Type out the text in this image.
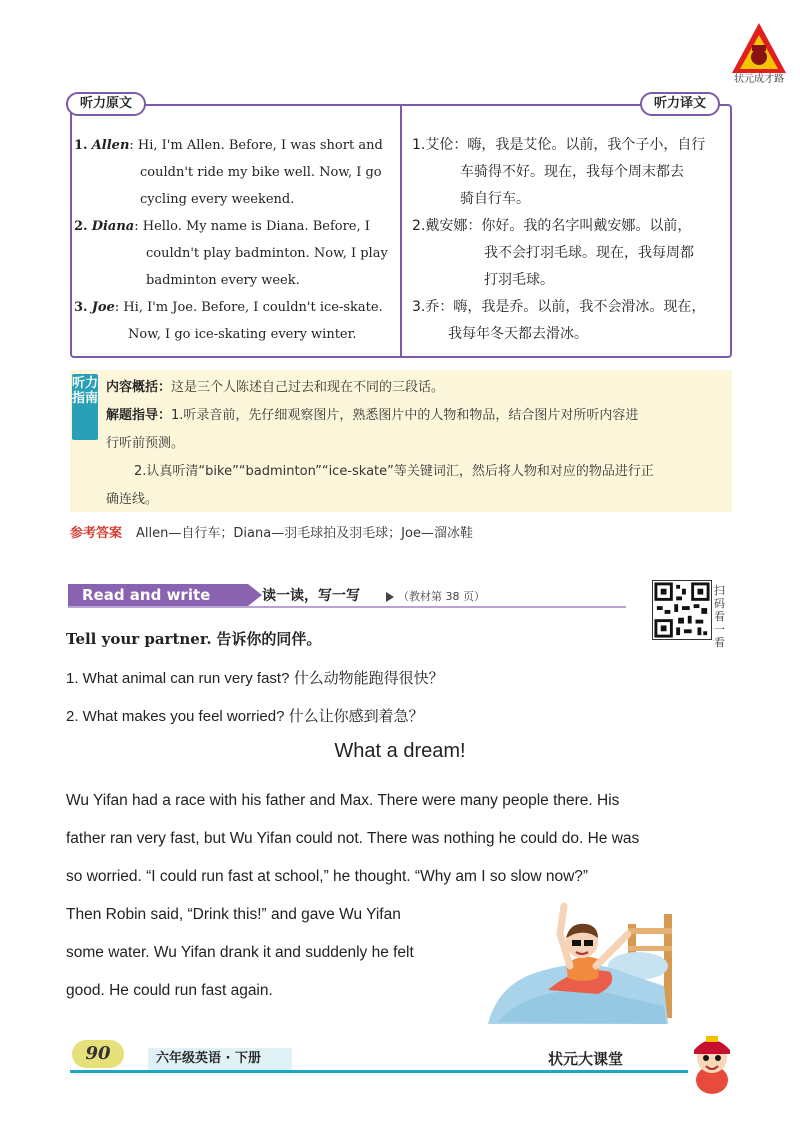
状元成才路
听力原文	听力译文
1. Allen: Hi, I'm Allen. Before, I was short and
couldn't ride my bike well. Now, I go
cycling every weekend.
2. Diana: Hello. My name is Diana. Before, I
couldn't play badminton. Now, I play
badminton every week.
3. Joe: Hi, I'm Joe. Before, I couldn't ice-skate.
Now, I go ice-skating every winter.
1.艾伦：嗨，我是艾伦。以前，我个子小，自行
车骑得不好。现在，我每个周末都去
骑自行车。
2.戴安娜：你好。我的名字叫戴安娜。以前，
我不会打羽毛球。现在，我每周都
打羽毛球。
3.乔：嗨，我是乔。以前，我不会滑冰。现在，
我每年冬天都去滑冰。
听力指南
内容概括：这是三个人陈述自己过去和现在不同的三段话。
解题指导：1.听录音前，先仔细观察图片，熟悉图片中的人物和物品，结合图片对所听内容进
行听前预测。
2.认真听清“bike”“badminton”“ice-skate”等关键词汇，然后将人物和对应的物品进行正
确连线。
参考答案 Allen—自行车；Diana—羽毛球拍及羽毛球；Joe—溜冰鞋
Read and write	读一读，写一写	（教材第 38 页）	扫码看一看
Tell your partner. 告诉你的同伴。
1. What animal can run very fast? 什么动物能跑得很快？
2. What makes you feel worried? 什么让你感到着急？
What a dream!
Wu Yifan had a race with his father and Max. There were many people there. His
father ran very fast, but Wu Yifan could not. There was nothing he could do. He was
so worried. “I could run fast at school,” he thought. “Why am I so slow now?”
Then Robin said, “Drink this!” and gave Wu Yifan
some water. Wu Yifan drank it and suddenly he felt
good. He could run fast again.
90	六年级英语 · 下册	状元大课堂
